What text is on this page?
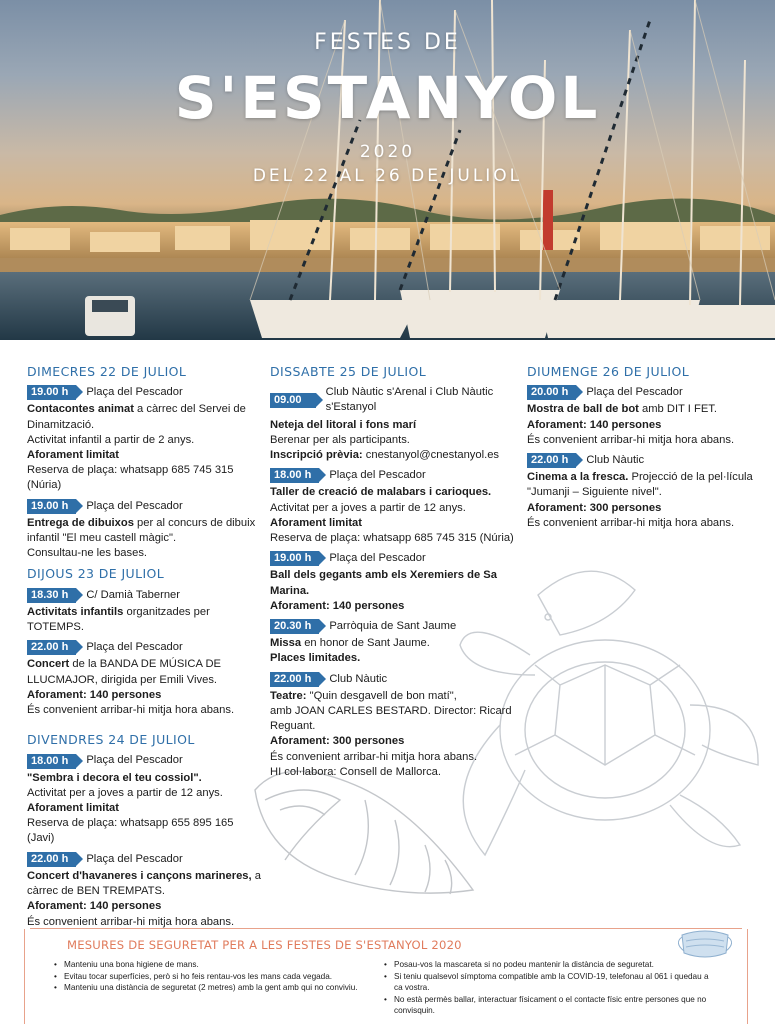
FESTES DE
S'ESTANYOL
2020
DEL 22 AL 26 DE JULIOL
DIMECRES 22 DE JULIOL
19.00 h	Plaça del Pescador
Contacontes animat a càrrec del Servei de Dinamització.
Activitat infantil a partir de 2 anys.
Aforament limitat
Reserva de plaça: whatsapp 685 745 315 (Núria)
19.00 h	Plaça del Pescador
Entrega de dibuixos per al concurs de dibuix infantil "El meu castell màgic".
Consultau-ne les bases.
DIJOUS 23 DE JULIOL
18.30 h	C/ Damià Taberner
Activitats infantils organitzades per TOTEMPS.
22.00 h	Plaça del Pescador
Concert de la BANDA DE MÚSICA DE LLUCMAJOR, dirigida per Emili Vives.
Aforament: 140 persones
És convenient arribar-hi mitja hora abans.
DIVENDRES 24 DE JULIOL
18.00 h	Plaça del Pescador
"Sembra i decora el teu cossiol".
Activitat per a joves a partir de 12 anys.
Aforament limitat
Reserva de plaça: whatsapp 655 895 165 (Javi)
22.00 h	Plaça del Pescador
Concert d'havaneres i cançons marineres, a càrrec de BEN TREMPATS.
Aforament: 140 persones
És convenient arribar-hi mitja hora abans.
DISSABTE 25 DE JULIOL
09.00 h
Club Nàutic s'Arenal i Club Nàutic s'Estanyol
Neteja del litoral i fons marí
Berenar per als participants.
Inscripció prèvia: cnestanyol@cnestanyol.es
18.00 h	Plaça del Pescador
Taller de creació de malabars i carioques.
Activitat per a joves a partir de 12 anys.
Aforament limitat
Reserva de plaça: whatsapp 685 745 315 (Núria)
19.00 h	Plaça del Pescador
Ball dels gegants amb els Xeremiers de Sa Marina.
Aforament: 140 persones
20.30 h	Parròquia de Sant Jaume
Missa en honor de Sant Jaume.
Places limitades.
22.00 h	Club Nàutic
Teatre: "Quin desgavell de bon matí",
amb JOAN CARLES BESTARD. Director: Ricard Reguant.
Aforament: 300 persones
És convenient arribar-hi mitja hora abans.
HI col·labora: Consell de Mallorca.
DIUMENGE 26 DE JULIOL
20.00 h	Plaça del Pescador
Mostra de ball de bot amb DIT I FET.
Aforament: 140 persones
És convenient arribar-hi mitja hora abans.
22.00 h	Club Nàutic
Cinema a la fresca. Projecció de la pel·lícula "Jumanji – Siguiente nivel".
Aforament: 300 persones
És convenient arribar-hi mitja hora abans.
MESURES DE SEGURETAT PER A LES FESTES DE S'ESTANYOL 2020
• Manteniu una bona higiene de mans.
• Evitau tocar superfícies, però si ho feis rentau-vos les mans cada vegada.
• Manteniu una distància de seguretat (2 metres) amb la gent amb qui no conviviu.
• Posau-vos la mascareta si no podeu mantenir la distància de seguretat.
• Si teniu qualsevol símptoma compatible amb la COVID-19, telefonau al 061 i quedau a ca vostra.
• No està permès ballar, interactuar físicament o el contacte físic entre persones que no convisquin.
